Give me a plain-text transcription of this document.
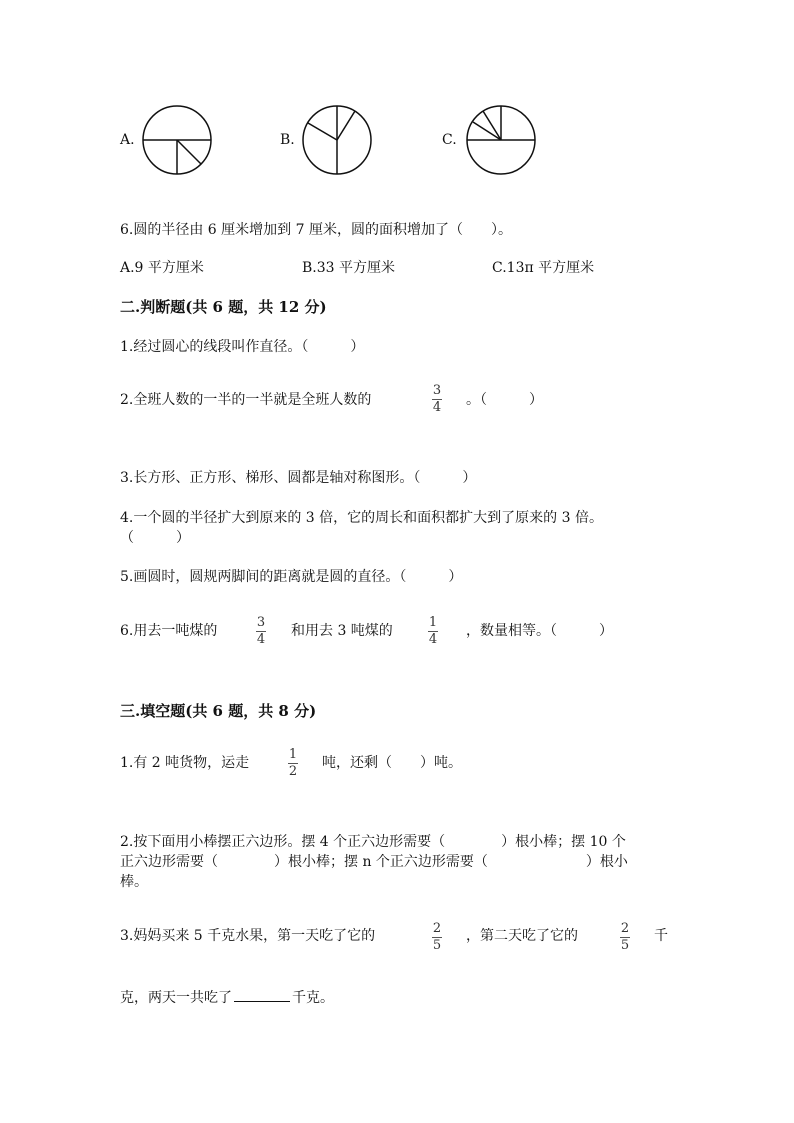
A.	B.	C.
6.圆的半径由 6 厘米增加到 7 厘米，圆的面积增加了（　　）。
A.9 平方厘米	B.33 平方厘米	C.13π 平方厘米
二.判断题(共 6 题，共 12 分)
1.经过圆心的线段叫作直径。（　　　）
2.全班人数的一半的一半就是全班人数的
3
4 。（　　　）
3.长方形、正方形、梯形、圆都是轴对称图形。（　　　）
4.一个圆的半径扩大到原来的 3 倍，它的周长和面积都扩大到了原来的 3 倍。
（　　　）
5.画圆时，圆规两脚间的距离就是圆的直径。（　　　）
6.用去一吨煤的
3
4
和用去 3 吨煤的
1
4
，数量相等。（　　　）
三.填空题(共 6 题，共 8 分)
1.有 2 吨货物，运走
1
2
吨，还剩（　　）吨。
2.按下面用小棒摆正六边形。摆 4 个正六边形需要（　　　　）根小棒；摆 10 个
正六边形需要（　　　　）根小棒；摆 n 个正六边形需要（　　　　　　　）根小
棒。
3.妈妈买来 5 千克水果，第一天吃了它的	2
5
，第二天吃了它的	2
5
千
克，两天一共吃了	千克。
